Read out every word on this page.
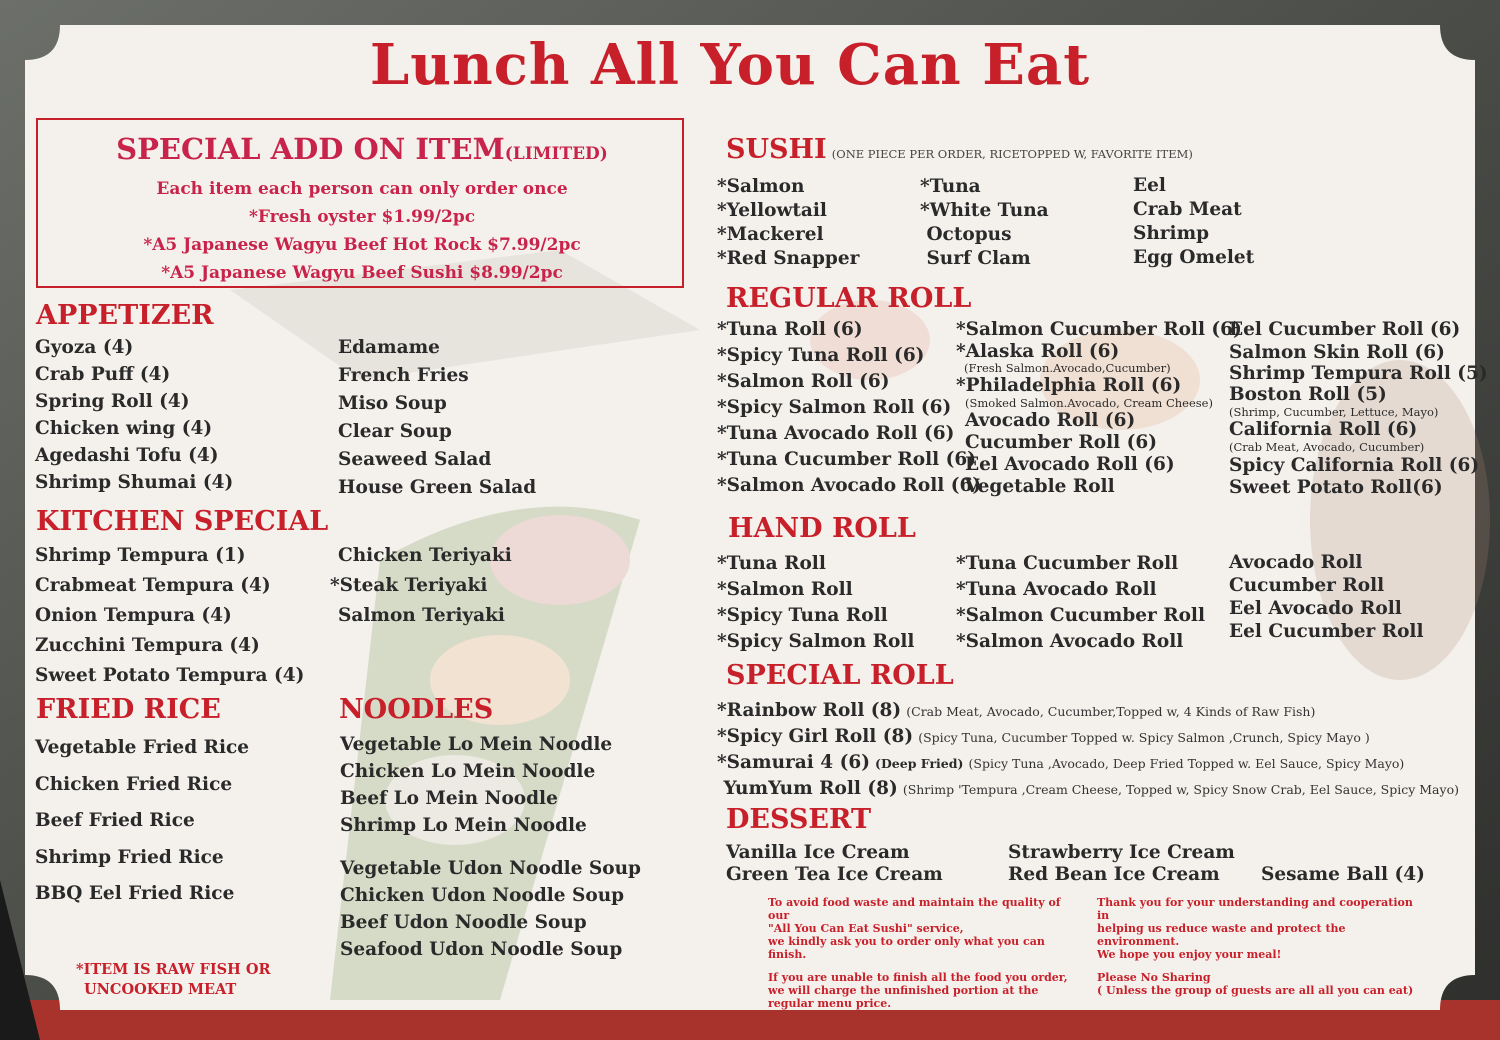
Lunch All You Can Eat
SPECIAL ADD ON ITEM(LIMITED)
Each item each person can only order once
*Fresh oyster $1.99/2pc
*A5 Japanese Wagyu Beef Hot Rock $7.99/2pc
*A5 Japanese Wagyu Beef Sushi $8.99/2pc
APPETIZER
Gyoza (4)
Crab Puff (4)
Spring Roll (4)
Chicken wing (4)
Agedashi Tofu (4)
Shrimp Shumai (4)
Edamame
French Fries
Miso Soup
Clear Soup
Seaweed Salad
House Green Salad
KITCHEN SPECIAL
Shrimp Tempura (1)
Crabmeat Tempura (4)
Onion Tempura (4)
Zucchini Tempura (4)
Sweet Potato Tempura (4)
Chicken Teriyaki
*Steak Teriyaki
Salmon Teriyaki
FRIED RICE
Vegetable Fried Rice
Chicken Fried Rice
Beef Fried Rice
Shrimp Fried Rice
BBQ Eel Fried Rice
NOODLES
Vegetable Lo Mein Noodle
Chicken Lo Mein Noodle
Beef Lo Mein Noodle
Shrimp Lo Mein Noodle
Vegetable Udon Noodle Soup
Chicken Udon Noodle Soup
Beef Udon Noodle Soup
Seafood Udon Noodle Soup
*ITEM IS RAW FISH OR
UNCOOKED MEAT
SUSHI (ONE PIECE PER ORDER, RICETOPPED W, FAVORITE ITEM)
*Salmon
*Yellowtail
*Mackerel
*Red Snapper
*Tuna
*White Tuna
Octopus
Surf Clam
Eel
Crab Meat
Shrimp
Egg Omelet
REGULAR ROLL
*Tuna Roll (6)
*Spicy Tuna Roll (6)
*Salmon Roll (6)
*Spicy Salmon Roll (6)
*Tuna Avocado Roll (6)
*Tuna Cucumber Roll (6)
*Salmon Avocado Roll (6)
*Salmon Cucumber Roll (6)
*Alaska Roll (6)
(Fresh Salmon.Avocado,Cucumber)
*Philadelphia Roll (6)
(Smoked Salmon.Avocado, Cream Cheese)
Avocado Roll (6)
Cucumber Roll (6)
Eel Avocado Roll (6)
Vegetable Roll
Eel Cucumber Roll (6)
Salmon Skin Roll (6)
Shrimp Tempura Roll (5)
Boston Roll (5)
(Shrimp, Cucumber, Lettuce, Mayo)
California Roll (6)
(Crab Meat, Avocado, Cucumber)
Spicy California Roll (6)
Sweet Potato Roll(6)
HAND ROLL
*Tuna Roll
*Salmon Roll
*Spicy Tuna Roll
*Spicy Salmon Roll
*Tuna Cucumber Roll
*Tuna Avocado Roll
*Salmon Cucumber Roll
*Salmon Avocado Roll
Avocado Roll
Cucumber Roll
Eel Avocado Roll
Eel Cucumber Roll
SPECIAL ROLL
*Rainbow Roll (8) (Crab Meat, Avocado, Cucumber,Topped w, 4 Kinds of Raw Fish)
*Spicy Girl Roll (8) (Spicy Tuna, Cucumber Topped w. Spicy Salmon ,Crunch, Spicy Mayo )
*Samurai 4 (6) (Deep Fried) (Spicy Tuna ,Avocado, Deep Fried Topped w. Eel Sauce, Spicy Mayo)
YumYum Roll (8) (Shrimp 'Tempura ,Cream Cheese, Topped w, Spicy Snow Crab, Eel Sauce, Spicy Mayo)
DESSERT
Vanilla Ice Cream
Green Tea Ice Cream
Strawberry Ice Cream
Red Bean Ice Cream	Sesame Ball (4)
To avoid food waste and maintain the quality of our
"All You Can Eat Sushi" service,
we kindly ask you to order only what you can finish.
If you are unable to finish all the food you order,
we will charge the unfinished portion at the
regular menu price.
Thank you for your understanding and cooperation in
helping us reduce waste and protect the environment.
We hope you enjoy your meal!
Please No Sharing
( Unless the group of guests are all all you can eat)
